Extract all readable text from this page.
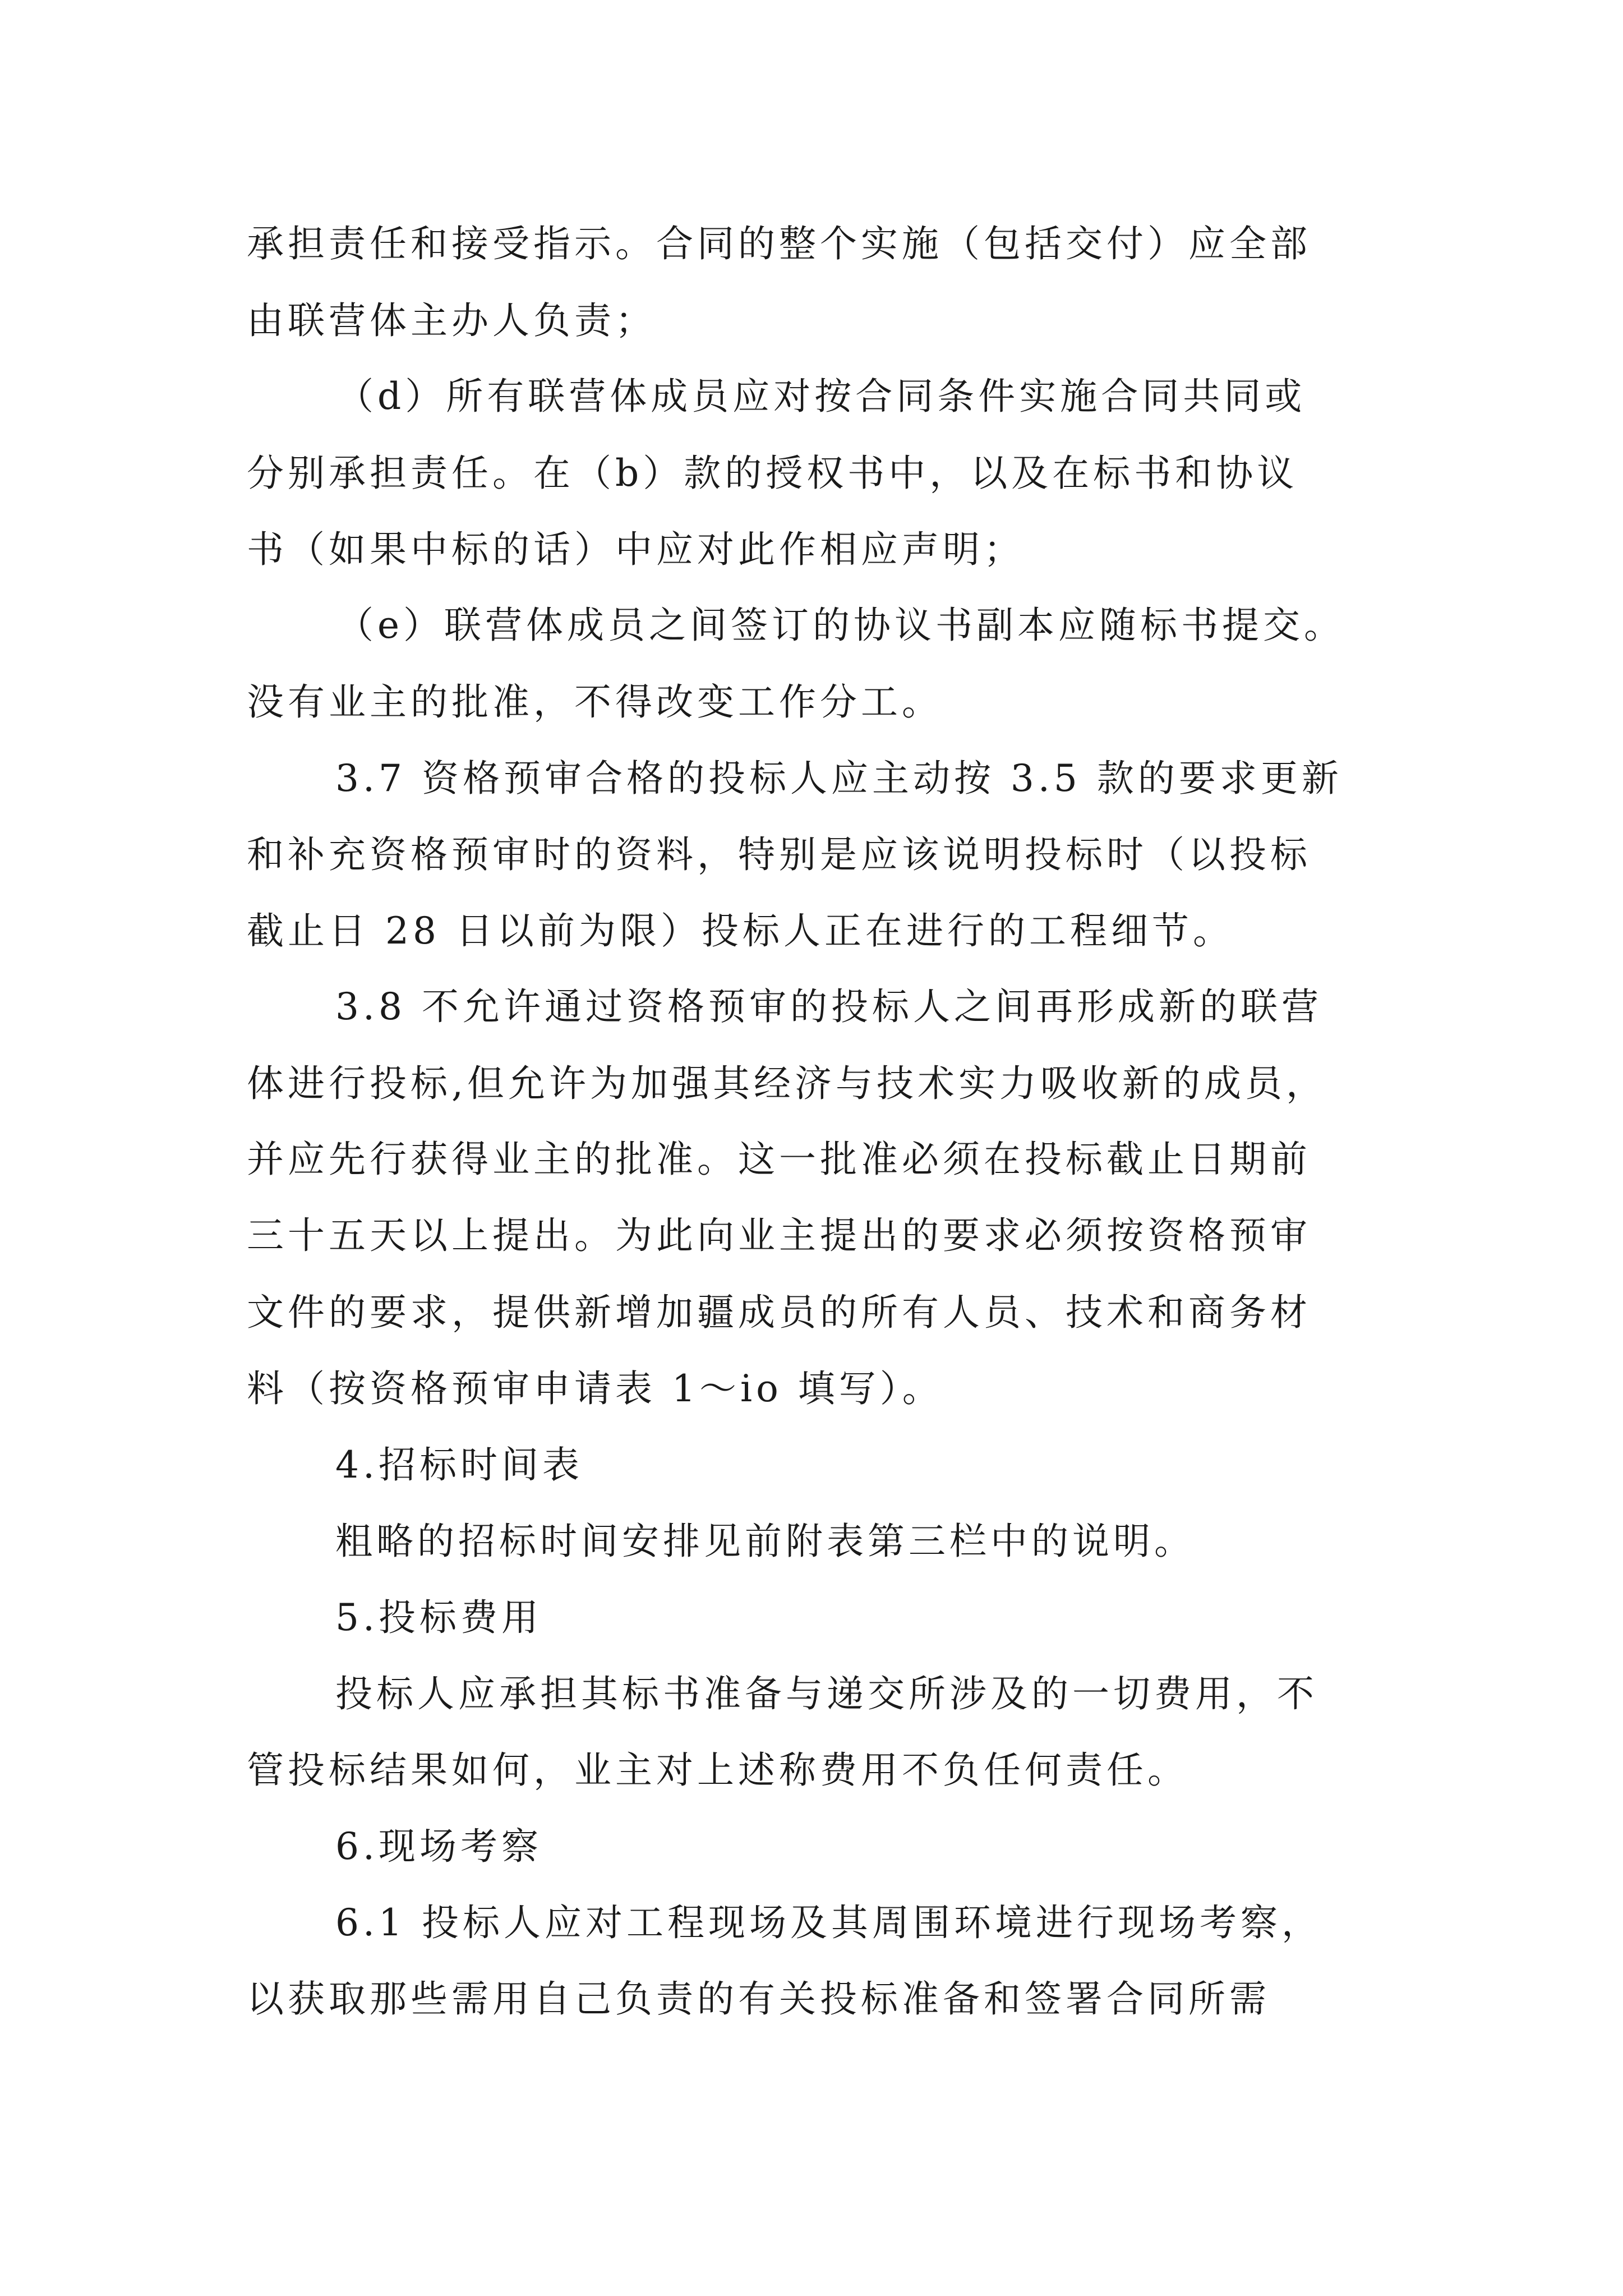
承担责任和接受指示。合同的整个实施（包括交付）应全部
由联营体主办人负责；
（d）所有联营体成员应对按合同条件实施合同共同或
分别承担责任。在（b）款的授权书中，以及在标书和协议
书（如果中标的话）中应对此作相应声明；
（e）联营体成员之间签订的协议书副本应随标书提交。
没有业主的批准，不得改变工作分工。
3.7 资格预审合格的投标人应主动按 3.5 款的要求更新
和补充资格预审时的资料，特别是应该说明投标时（以投标
截止日 28 日以前为限）投标人正在进行的工程细节。
3.8 不允许通过资格预审的投标人之间再形成新的联营
体进行投标,但允许为加强其经济与技术实力吸收新的成员，
并应先行获得业主的批准。这一批准必须在投标截止日期前
三十五天以上提出。为此向业主提出的要求必须按资格预审
文件的要求，提供新增加疆成员的所有人员、技术和商务材
料（按资格预审申请表 1～io 填写）。
4.招标时间表
粗略的招标时间安排见前附表第三栏中的说明。
5.投标费用
投标人应承担其标书准备与递交所涉及的一切费用，不
管投标结果如何，业主对上述称费用不负任何责任。
6.现场考察
6.1 投标人应对工程现场及其周围环境进行现场考察，
以获取那些需用自己负责的有关投标准备和签署合同所需
